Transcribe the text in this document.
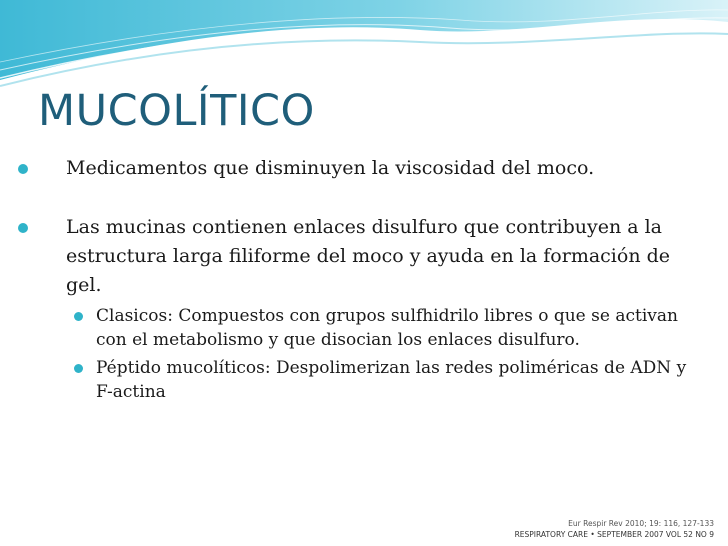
MUCOLÍTICO
Medicamentos que disminuyen la viscosidad del moco.
Las mucinas contienen enlaces disulfuro que contribuyen a la estructura larga filiforme del moco y ayuda en la formación de gel.
Clasicos: Compuestos con grupos sulfhidrilo libres o que se activan con el metabolismo y que disocian los enlaces disulfuro.
Péptido mucolíticos: Despolimerizan las redes poliméricas de ADN y F-actina
Eur Respir Rev 2010; 19: 116, 127-133
RESPIRATORY CARE • SEPTEMBER 2007 VOL 52 NO 9
